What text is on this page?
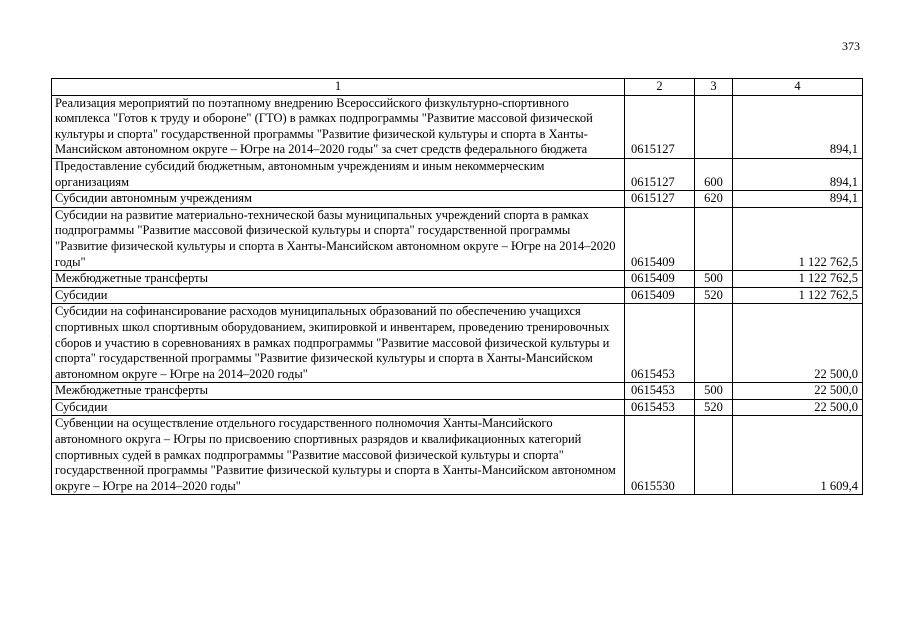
373
1	2	3	4
Реализация мероприятий по поэтапному внедрению Всероссийского физкультурно-спортивного комплекса "Готов к труду и обороне" (ГТО) в рамках подпрограммы "Развитие массовой физической культуры и спорта" государственной программы "Развитие физической культуры и спорта в Ханты-Мансийском автономном округе – Югре на 2014–2020 годы" за счет средств федерального бюджета	0615127		894,1
Предоставление субсидий бюджетным, автономным учреждениям и иным некоммерческим организациям	0615127	600	894,1
Субсидии автономным учреждениям	0615127	620	894,1
Субсидии на развитие материально-технической базы муниципальных учреждений спорта в рамках подпрограммы "Развитие массовой физической культуры и спорта" государственной программы "Развитие физической культуры и спорта в Ханты-Мансийском автономном округе – Югре на 2014–2020 годы"	0615409		1 122 762,5
Межбюджетные трансферты	0615409	500	1 122 762,5
Субсидии	0615409	520	1 122 762,5
Субсидии на софинансирование расходов муниципальных образований по обеспечению учащихся спортивных школ спортивным оборудованием, экипировкой и инвентарем, проведению тренировочных сборов и участию в соревнованиях в рамках подпрограммы "Развитие массовой физической культуры и спорта" государственной программы "Развитие физической культуры и спорта в Ханты-Мансийском автономном округе – Югре на 2014–2020 годы"	0615453		22 500,0
Межбюджетные трансферты	0615453	500	22 500,0
Субсидии	0615453	520	22 500,0
Субвенции на осуществление отдельного государственного полномочия Ханты-Мансийского автономного округа – Югры по присвоению спортивных разрядов и квалификационных категорий спортивных судей в рамках подпрограммы "Развитие массовой физической культуры и спорта" государственной программы "Развитие физической культуры и спорта в Ханты-Мансийском автономном округе – Югре на 2014–2020 годы"	0615530		1 609,4
